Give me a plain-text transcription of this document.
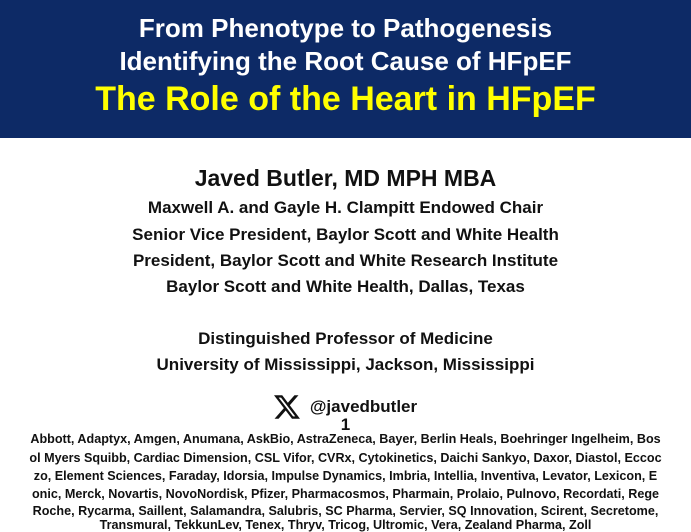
From Phenotype to Pathogenesis
Identifying the Root Cause of HFpEF
The Role of the Heart in HFpEF
Javed Butler, MD MPH MBA
Maxwell A. and Gayle H. Clampitt Endowed Chair
Senior Vice President, Baylor Scott and White Health
President, Baylor Scott and White Research Institute
Baylor Scott and White Health, Dallas, Texas
Distinguished Professor of Medicine
University of Mississippi, Jackson, Mississippi
@javedbutler
1
Abbott, Adaptyx, Amgen, Anumana, AskBio, AstraZeneca, Bayer, Berlin Heals, Boehringer Ingelheim, Bos
ol Myers Squibb, Cardiac Dimension, CSL Vifor, CVRx, Cytokinetics, Daichi Sankyo, Daxor, Diastol, Eccoc
zo, Element Sciences, Faraday, Idorsia, Impulse Dynamics, Imbria, Intellia, Inventiva, Levator, Lexicon, E
onic, Merck, Novartis, NovoNordisk, Pfizer, Pharmacosmos, Pharmain, Prolaio, Pulnovo, Recordati, Rege
Roche, Rycarma, Saillent, Salamandra, Salubris, SC Pharma, Servier, SQ Innovation, Scirent, Secretome,
Transmural, TekkunLev, Tenex, Thryv, Tricog, Ultromic, Vera, Zealand Pharma, Zoll
